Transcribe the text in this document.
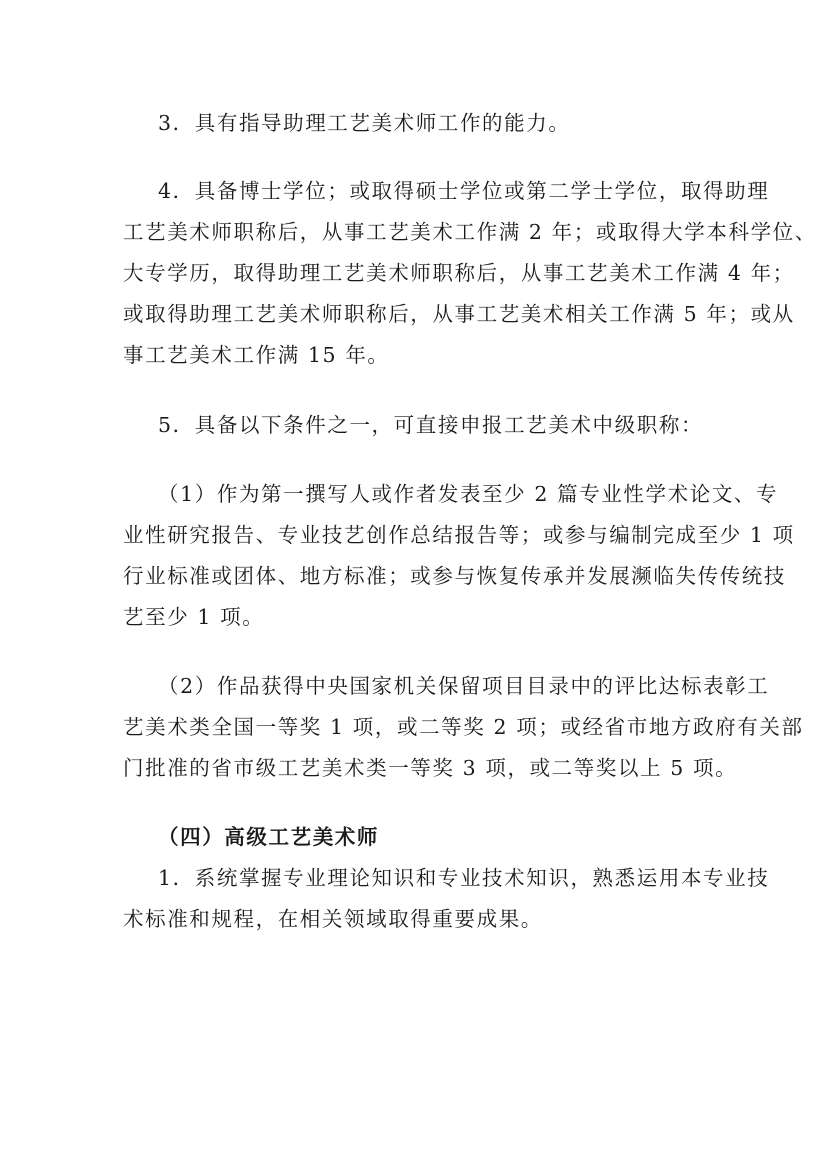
3．具有指导助理工艺美术师工作的能力。
4．具备博士学位；或取得硕士学位或第二学士学位，取得助理
工艺美术师职称后，从事工艺美术工作满 2 年；或取得大学本科学位、
大专学历，取得助理工艺美术师职称后，从事工艺美术工作满 4 年；
或取得助理工艺美术师职称后，从事工艺美术相关工作满 5 年；或从
事工艺美术工作满 15 年。
5．具备以下条件之一，可直接申报工艺美术中级职称：
（1）作为第一撰写人或作者发表至少 2 篇专业性学术论文、专
业性研究报告、专业技艺创作总结报告等；或参与编制完成至少 1 项
行业标准或团体、地方标准；或参与恢复传承并发展濒临失传传统技
艺至少 1 项。
（2）作品获得中央国家机关保留项目目录中的评比达标表彰工
艺美术类全国一等奖 1 项，或二等奖 2 项；或经省市地方政府有关部
门批准的省市级工艺美术类一等奖 3 项，或二等奖以上 5 项。
（四）高级工艺美术师
1．系统掌握专业理论知识和专业技术知识，熟悉运用本专业技
术标准和规程，在相关领域取得重要成果。
